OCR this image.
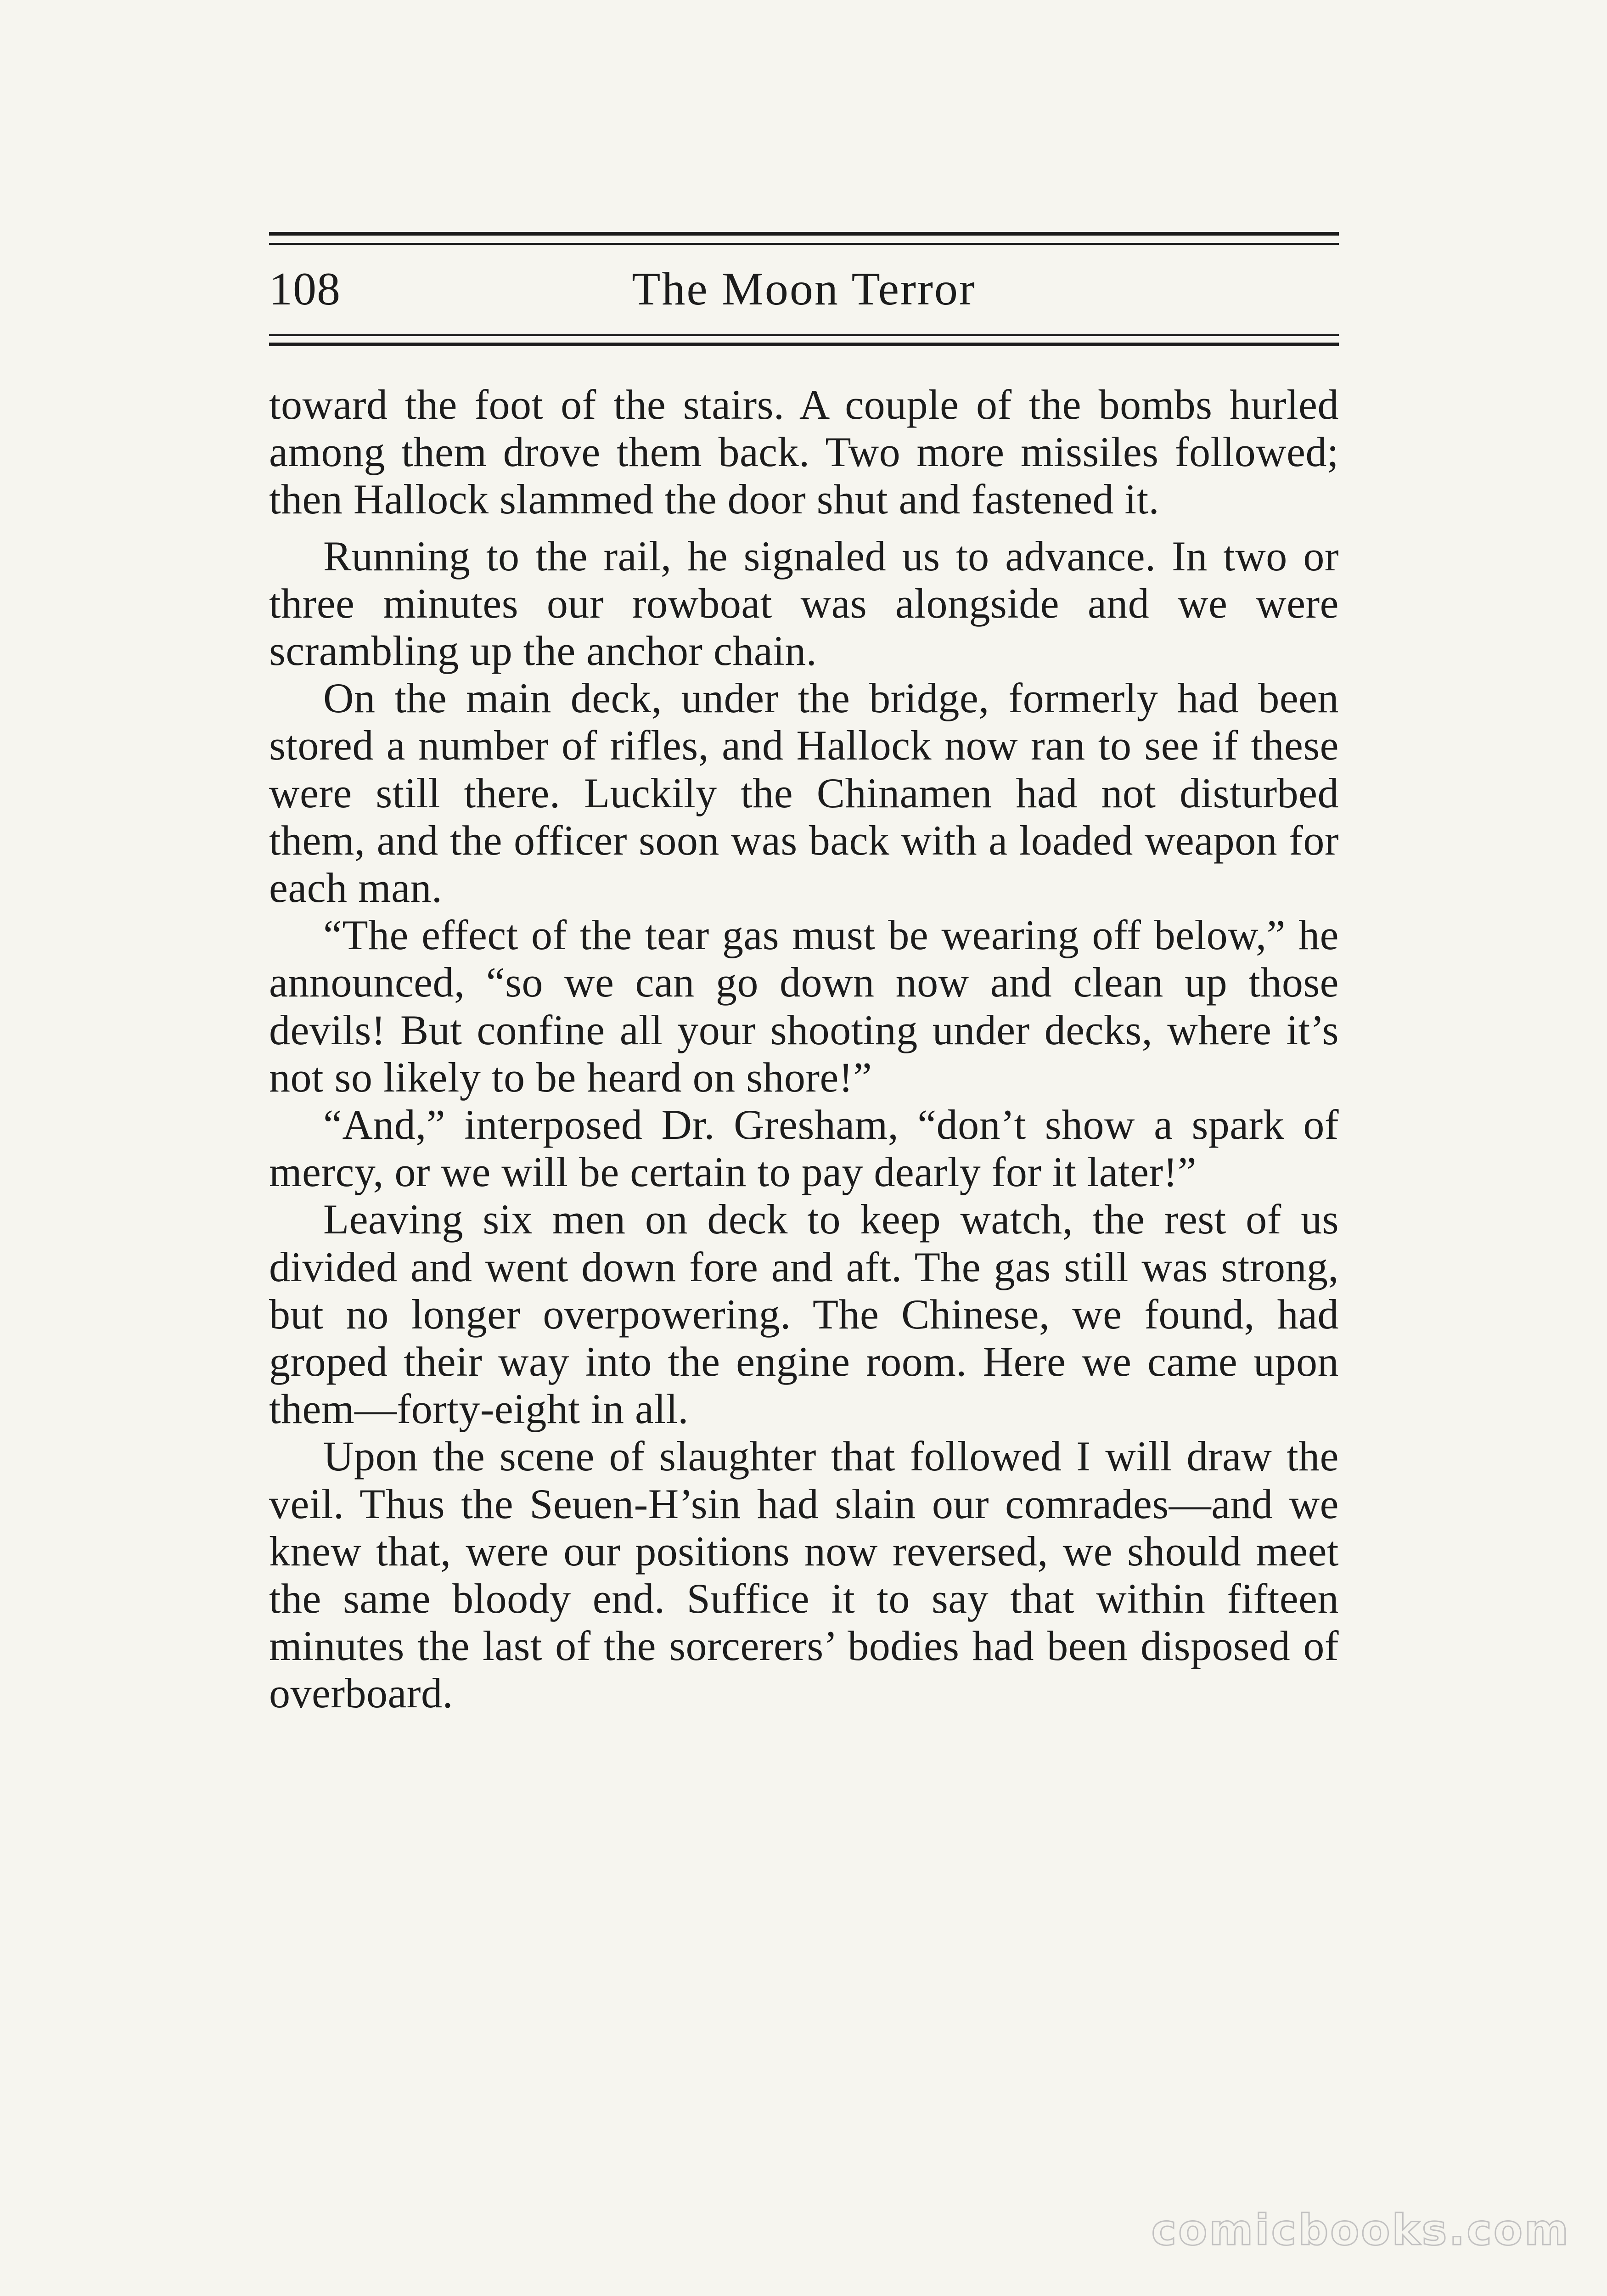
108	The Moon Terror

toward the foot of the stairs. A couple of the bombs hurled among them drove them back. Two more missiles followed; then Hallock slammed the door shut and fastened it.

Running to the rail, he signaled us to advance. In two or three minutes our rowboat was alongside and we were scrambling up the anchor chain.

On the main deck, under the bridge, formerly had been stored a number of rifles, and Hallock now ran to see if these were still there. Luckily the Chinamen had not disturbed them, and the officer soon was back with a loaded weapon for each man.

“The effect of the tear gas must be wearing off below,” he announced, “so we can go down now and clean up those devils! But confine all your shooting under decks, where it’s not so likely to be heard on shore!”

“And,” interposed Dr. Gresham, “don’t show a spark of mercy, or we will be certain to pay dearly for it later!”

Leaving six men on deck to keep watch, the rest of us divided and went down fore and aft. The gas still was strong, but no longer overpowering. The Chinese, we found, had groped their way into the engine room. Here we came upon them—forty-eight in all.

Upon the scene of slaughter that followed I will draw the veil. Thus the Seuen-H’sin had slain our comrades—and we knew that, were our positions now reversed, we should meet the same bloody end. Suffice it to say that within fifteen minutes the last of the sorcerers’ bodies had been disposed of overboard.

comicbooks.com
